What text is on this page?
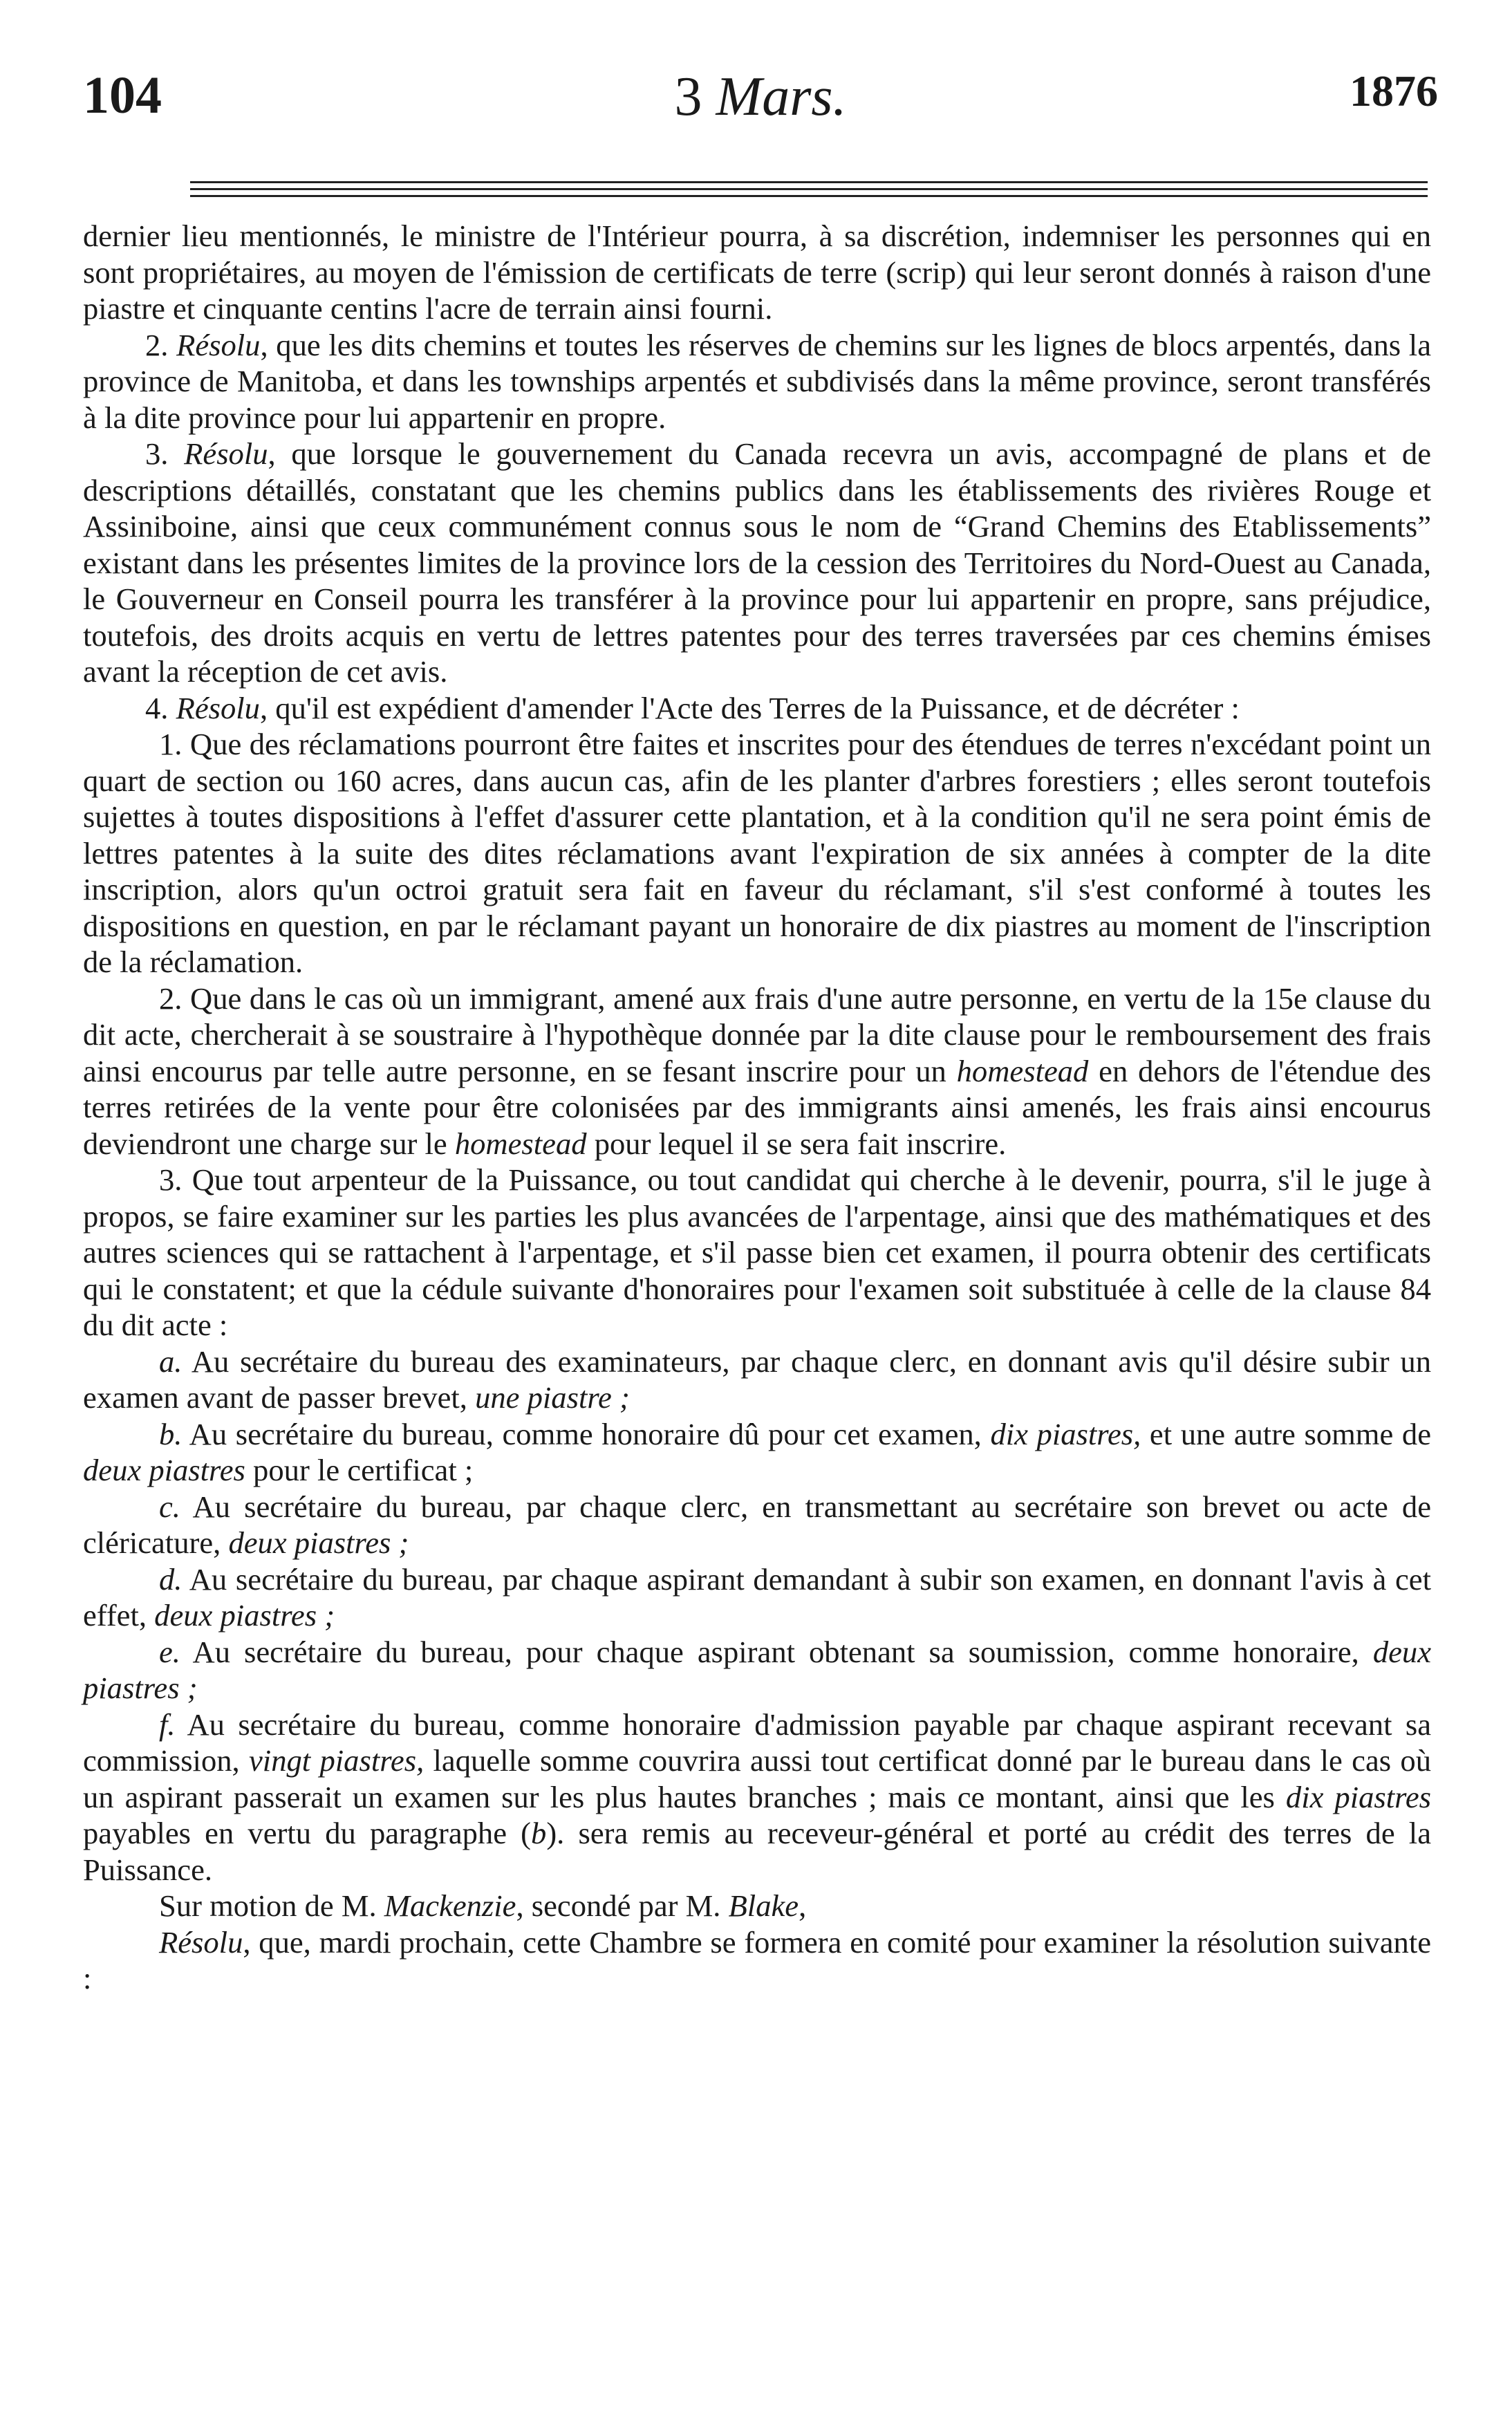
104	3 Mars.	1876

dernier lieu mentionnés, le ministre de l'Intérieur pourra, à sa discrétion, indemniser les personnes qui en sont propriétaires, au moyen de l'émission de certificats de terre (scrip) qui leur seront donnés à raison d'une piastre et cinquante centins l'acre de terrain ainsi fourni.

2. Résolu, que les dits chemins et toutes les réserves de chemins sur les lignes de blocs arpentés, dans la province de Manitoba, et dans les townships arpentés et subdivisés dans la même province, seront transférés à la dite province pour lui appartenir en propre.

3. Résolu, que lorsque le gouvernement du Canada recevra un avis, accompagné de plans et de descriptions détaillés, constatant que les chemins publics dans les établissements des rivières Rouge et Assiniboine, ainsi que ceux communément connus sous le nom de “Grand Chemins des Etablissements” existant dans les présentes limites de la province lors de la cession des Territoires du Nord-Ouest au Canada, le Gouverneur en Conseil pourra les transférer à la province pour lui appartenir en propre, sans préjudice, toutefois, des droits acquis en vertu de lettres patentes pour des terres traversées par ces chemins émises avant la réception de cet avis.

4. Résolu, qu'il est expédient d'amender l'Acte des Terres de la Puissance, et de décréter :

1. Que des réclamations pourront être faites et inscrites pour des étendues de terres n'excédant point un quart de section ou 160 acres, dans aucun cas, afin de les planter d'arbres forestiers ; elles seront toutefois sujettes à toutes dispositions à l'effet d'assurer cette plantation, et à la condition qu'il ne sera point émis de lettres patentes à la suite des dites réclamations avant l'expiration de six années à compter de la dite inscription, alors qu'un octroi gratuit sera fait en faveur du réclamant, s'il s'est conformé à toutes les dispositions en question, en par le réclamant payant un honoraire de dix piastres au moment de l'inscription de la réclamation.

2. Que dans le cas où un immigrant, amené aux frais d'une autre personne, en vertu de la 15e clause du dit acte, chercherait à se soustraire à l'hypothèque donnée par la dite clause pour le remboursement des frais ainsi encourus par telle autre personne, en se fesant inscrire pour un homestead en dehors de l'étendue des terres retirées de la vente pour être colonisées par des immigrants ainsi amenés, les frais ainsi encourus deviendront une charge sur le homestead pour lequel il se sera fait inscrire.

3. Que tout arpenteur de la Puissance, ou tout candidat qui cherche à le devenir, pourra, s'il le juge à propos, se faire examiner sur les parties les plus avancées de l'arpentage, ainsi que des mathématiques et des autres sciences qui se rattachent à l'arpentage, et s'il passe bien cet examen, il pourra obtenir des certificats qui le constatent; et que la cédule suivante d'honoraires pour l'examen soit substituée à celle de la clause 84 du dit acte :

a. Au secrétaire du bureau des examinateurs, par chaque clerc, en donnant avis qu'il désire subir un examen avant de passer brevet, une piastre ;

b. Au secrétaire du bureau, comme honoraire dû pour cet examen, dix piastres, et une autre somme de deux piastres pour le certificat ;

c. Au secrétaire du bureau, par chaque clerc, en transmettant au secrétaire son brevet ou acte de cléricature, deux piastres ;

d. Au secrétaire du bureau, par chaque aspirant demandant à subir son examen, en donnant l'avis à cet effet, deux piastres ;

e. Au secrétaire du bureau, pour chaque aspirant obtenant sa soumission, comme honoraire, deux piastres ;

f. Au secrétaire du bureau, comme honoraire d'admission payable par chaque aspirant recevant sa commission, vingt piastres, laquelle somme couvrira aussi tout certificat donné par le bureau dans le cas où un aspirant passerait un examen sur les plus hautes branches ; mais ce montant, ainsi que les dix piastres payables en vertu du paragraphe (b). sera remis au receveur-général et porté au crédit des terres de la Puissance.

Sur motion de M. Mackenzie, secondé par M. Blake,

Résolu, que, mardi prochain, cette Chambre se formera en comité pour examiner la résolution suivante :
